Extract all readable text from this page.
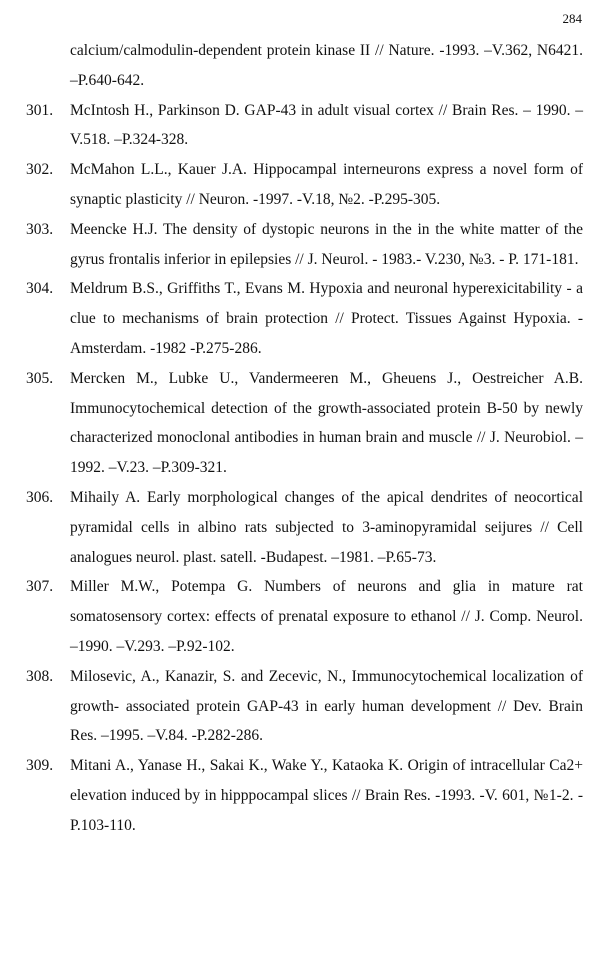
284
calcium/calmodulin-dependent protein kinase II // Nature. -1993. –V.362, N6421. –P.640-642.
301.	McIntosh H., Parkinson D. GAP-43 in adult visual cortex // Brain Res. – 1990. –V.518. –P.324-328.
302.	McMahon L.L., Kauer J.A. Hippocampal interneurons express a novel form of synaptic plasticity // Neuron. -1997. -V.18, №2. -P.295-305.
303.	Meencke H.J. The density of dystopic neurons in the in the white matter of the gyrus frontalis inferior in epilepsies // J. Neurol. - 1983.- V.230, №3. - P. 171-181.
304.	Meldrum B.S., Griffiths T., Evans M. Hypoxia and neuronal hyperexicitability - a clue to mechanisms of brain protection // Protect. Tissues Against Hypoxia. -Amsterdam. -1982 -P.275-286.
305.	Mercken M., Lubke U., Vandermeeren M., Gheuens J., Oestreicher A.B. Immunocytochemical detection of the growth-associated protein B-50 by newly characterized monoclonal antibodies in human brain and muscle // J. Neurobiol. –1992. –V.23. –P.309-321.
306.	Mihaily A. Early morphological changes of the apical dendrites of neocortical pyramidal cells in albino rats subjected to 3-aminopyramidal seijures // Cell analogues neurol. plast. satell. -Budapest. –1981. –P.65-73.
307.	Miller M.W., Potempa G. Numbers of neurons and glia in mature rat somatosensory cortex: effects of prenatal exposure to ethanol // J. Comp. Neurol. –1990. –V.293. –P.92-102.
308.	Milosevic, A., Kanazir, S. and Zecevic, N., Immunocytochemical localization of growth- associated protein GAP-43 in early human development // Dev. Brain Res. –1995. –V.84. -P.282-286.
309.	Mitani A., Yanase H., Sakai K., Wake Y., Kataoka K. Origin of intracellular Ca2+ elevation induced by in hipppocampal slices // Brain Res. -1993. -V. 601, №1-2. -P.103-110.
